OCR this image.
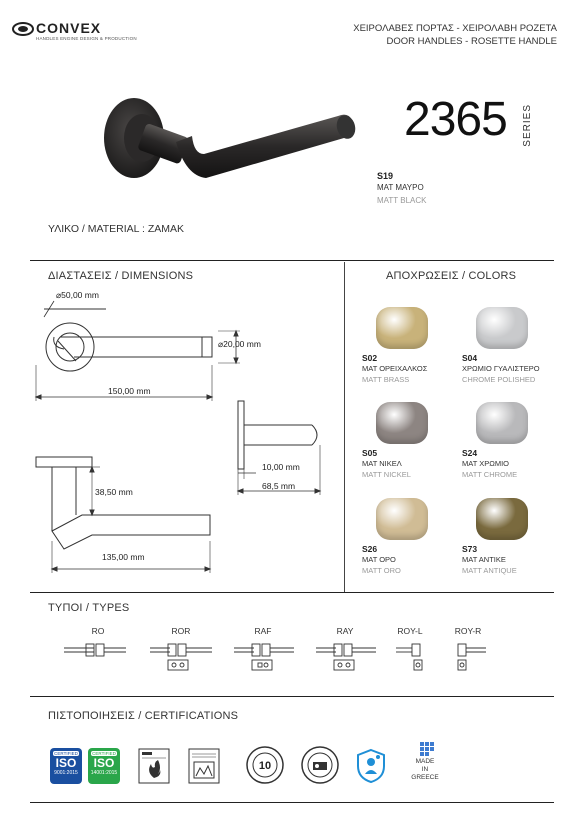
CONVEX
HANDLES ENGINE DESIGN & PRODUCTION
ΧΕΙΡΟΛΑΒΕΣ ΠΟΡΤΑΣ - ΧΕΙΡΟΛΑΒΗ ΡΟΖΕΤΑ
DOOR HANDLES - ROSETTE HANDLE
2365 SERIES
S19
ΜΑΤ ΜΑΥΡΟ
MATT BLACK
ΥΛΙΚΟ / MATERIAL : ZAMAK
ΔΙΑΣΤΑΣΕΙΣ / DIMENSIONS
⌀50,00 mm
⌀20,00 mm
150,00 mm
10,00 mm
68,5 mm
38,50 mm
135,00 mm
ΑΠΟΧΡΩΣΕΙΣ / COLORS
S02
ΜΑΤ ΟΡΕΙΧΑΛΚΟΣ
MATT BRASS
S04
ΧΡΩΜΙΟ ΓΥΑΛΙΣΤΕΡΟ
CHROME POLISHED
S05
ΜΑΤ ΝΙΚΕΛ
MATT NICKEL
S24
ΜΑΤ ΧΡΩΜΙΟ
MATT CHROME
S26
ΜΑΤ ΟΡΟ
MATT ORO
S73
ΜΑΤ ΑΝΤΙΚΕ
MATT ANTIQUE
ΤΥΠΟΙ / TYPES
RO	ROR	RAF	RAY	ROY-L	ROY-R
ΠΙΣΤΟΠΟΙΗΣΕΙΣ / CERTIFICATIONS
CERTIFIED
ISO
9001:2015
CERTIFIED
ISO
14001:2015
10	MADE
IN
GREECE
